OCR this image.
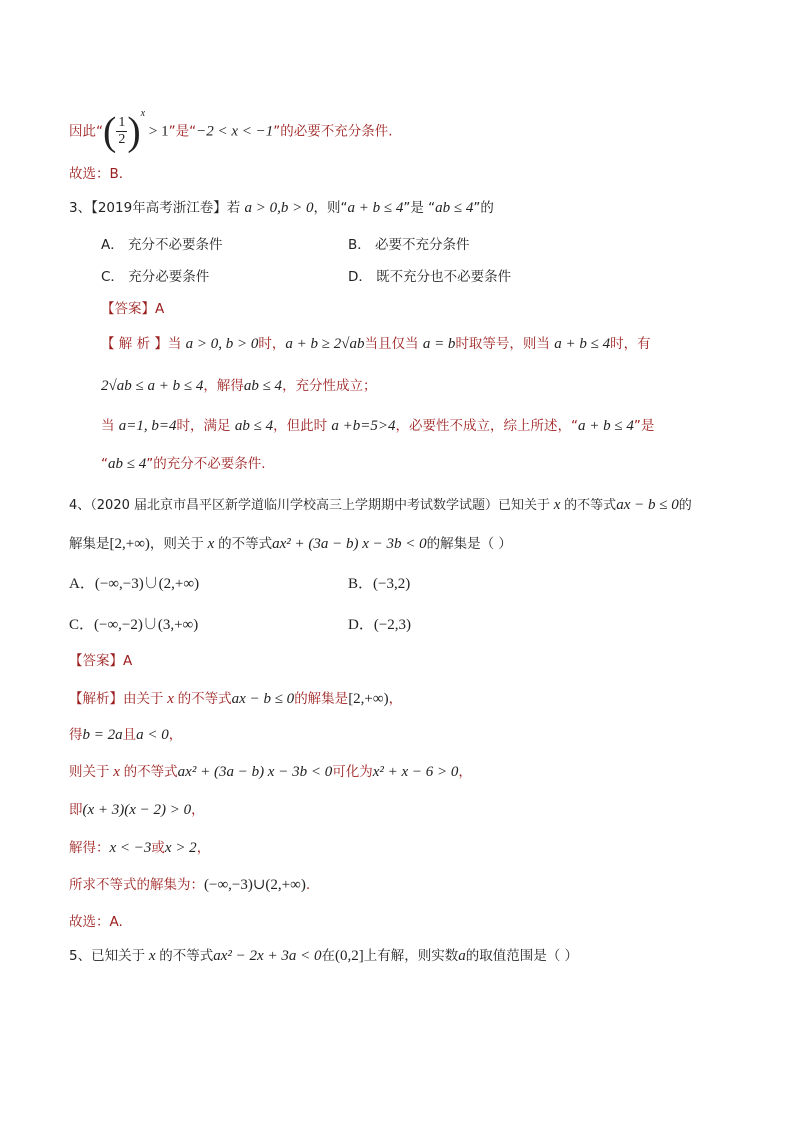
因此“( $\frac{1}{2} )^x > 1$”是“−2 < x < −1”的必要不充分条件.
故选：B.
3、【2019年高考浙江卷】若 a > 0,b > 0，则“a + b ≤ 4”是 “ab ≤ 4”的
A． 充分不必要条件	B． 必要不充分条件
C． 充分必要条件	D． 既不充分也不必要条件
【答案】A
【 解 析 】当 a > 0, b > 0时，a + b ≥ 2√ab当且仅当 a = b时取等号，则当 a + b ≤ 4时，有
2√ab ≤ a + b ≤ 4，解得ab ≤ 4，充分性成立；
当 a=1, b=4时，满足 ab ≤ 4，但此时 a +b=5>4，必要性不成立，综上所述，“a + b ≤ 4”是
“ab ≤ 4”的充分不必要条件.
4、（2020 届北京市昌平区新学道临川学校高三上学期期中考试数学试题）已知关于 x 的不等式ax − b ≤ 0的
解集是[2,+∞)，则关于 x 的不等式ax² + (3a − b) x − 3b < 0的解集是（ ）
A．(−∞,−3)∪(2,+∞)	B．(−3,2)
C．(−∞,−2)∪(3,+∞)	D．(−2,3)
【答案】A
【解析】由关于 x 的不等式ax − b ≤ 0的解集是[2,+∞)，
得b = 2a且a < 0，
则关于 x 的不等式ax² + (3a − b) x − 3b < 0可化为x² + x − 6 > 0，
即(x + 3)(x − 2) > 0，
解得：x < −3或x > 2，
所求不等式的解集为：(−∞,−3)∪(2,+∞).
故选：A.
5、已知关于 x 的不等式ax² − 2x + 3a < 0在(0,2]上有解，则实数a的取值范围是（ ）
